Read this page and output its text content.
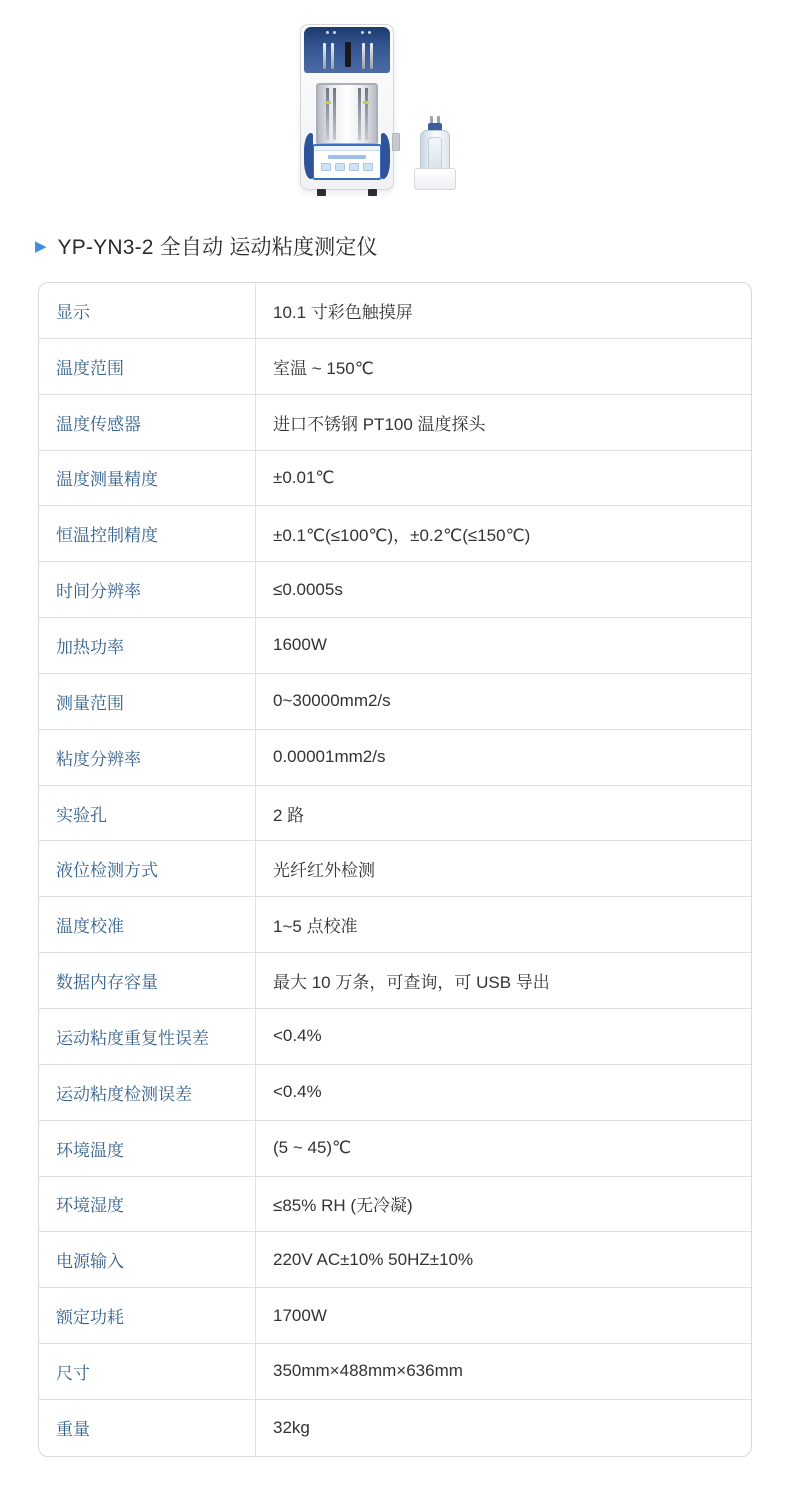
▶ YP-YN3-2 全自动 运动粘度测定仪
显示	10.1 寸彩色触摸屏
温度范围	室温 ~ 150℃
温度传感器	进口不锈钢 PT100 温度探头
温度测量精度	±0.01℃
恒温控制精度	±0.1℃(≤100℃)，±0.2℃(≤150℃)
时间分辨率	≤0.0005s
加热功率	1600W
测量范围	0~30000mm2/s
粘度分辨率	0.00001mm2/s
实验孔	2 路
液位检测方式	光纤红外检测
温度校准	1~5 点校准
数据内存容量	最大 10 万条，可查询，可 USB 导出
运动粘度重复性误差	<0.4%
运动粘度检测误差	<0.4%
环境温度	(5 ~ 45)℃
环境湿度	≤85% RH (无冷凝)
电源输入	220V AC±10% 50HZ±10%
额定功耗	1700W
尺寸	350mm×488mm×636mm
重量	32kg
